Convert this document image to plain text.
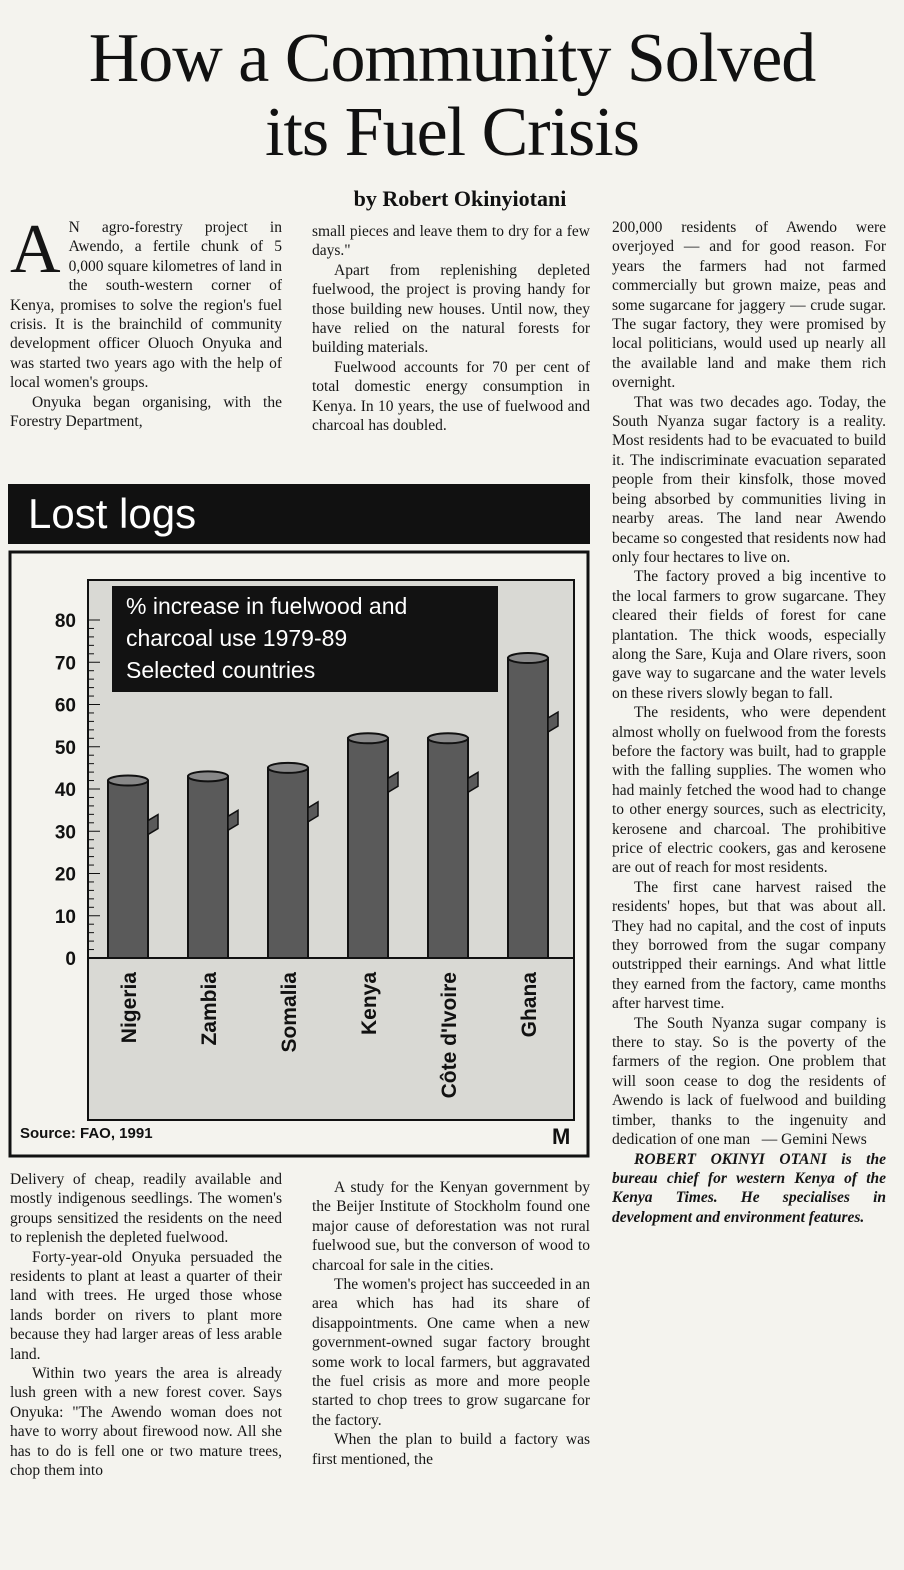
How a Community Solved
its Fuel Crisis
by Robert Okinyiotani

A N agro-forestry project in Awendo, a fertile chunk of 5 0,000 square kilometres of land in the south-western corner of Kenya, promises to solve the region's fuel crisis. It is the brainchild of community development officer Oluoch Onyuka and was started two years ago with the help of local women's groups.

Onyuka began organising, with the Forestry Department,

small pieces and leave them to dry for a few days."

Apart from replenishing depleted fuelwood, the project is proving handy for those building new houses. Until now, they have relied on the natural forests for building materials.

Fuelwood accounts for 70 per cent of total domestic energy consumption in Kenya. In 10 years, the use of fuelwood and charcoal has doubled.

200,000 residents of Awendo were overjoyed — and for good reason. For years the farmers had not farmed commercially but grown maize, peas and some sugarcane for jaggery — crude sugar. The sugar factory, they were promised by local politicians, would used up nearly all the available land and make them rich overnight.

That was two decades ago. Today, the South Nyanza sugar factory is a reality. Most residents had to be evacuated to build it. The indiscriminate evacuation separated people from their kinsfolk, those moved being absorbed by communities living in nearby areas. The land near Awendo became so congested that residents now had only four hectares to live on.

The factory proved a big incentive to the local farmers to grow sugarcane. They cleared their fields of forest for cane plantation. The thick woods, especially along the Sare, Kuja and Olare rivers, soon gave way to sugarcane and the water levels on these rivers slowly began to fall.

The residents, who were dependent almost wholly on fuelwood from the forests before the factory was built, had to grapple with the falling supplies. The women who had mainly fetched the wood had to change to other energy sources, such as electricity, kerosene and charcoal. The prohibitive price of electric cookers, gas and kerosene are out of reach for most residents.

The first cane harvest raised the residents' hopes, but that was about all. They had no capital, and the cost of inputs they borrowed from the sugar company outstripped their earnings. And what little they earned from the factory, came months after harvest time.

The South Nyanza sugar company is there to stay. So is the poverty of the farmers of the region. One problem that will soon cease to dog the residents of Awendo is lack of fuelwood and building timber, thanks to the ingenuity and dedication of one man — Gemini News

ROBERT OKINYI OTANI is the bureau chief for western Kenya of the Kenya Times. He specialises in development and environment features.

Lost logs
% increase in fuelwood and
charcoal use 1979-89
Selected countries
80
70
60
50
40
30
20
10
0
Nigeria	Zambia	Somalia	Kenya	Côte d'Ivoire	Ghana
Source: FAO, 1991	M

Delivery of cheap, readily available and mostly indigenous seedlings. The women's groups sensitized the residents on the need to replenish the depleted fuelwood.

Forty-year-old Onyuka persuaded the residents to plant at least a quarter of their land with trees. He urged those whose lands border on rivers to plant more because they had larger areas of less arable land.

Within two years the area is already lush green with a new forest cover. Says Onyuka: "The Awendo woman does not have to worry about firewood now. All she has to do is fell one or two mature trees, chop them into

A study for the Kenyan government by the Beijer Institute of Stockholm found one major cause of deforestation was not rural fuelwood sue, but the converson of wood to charcoal for sale in the cities.

The women's project has succeeded in an area which has had its share of disappointments. One came when a new government-owned sugar factory brought some work to local farmers, but aggravated the fuel crisis as more and more people started to chop trees to grow sugarcane for the factory.

When the plan to build a factory was first mentioned, the
